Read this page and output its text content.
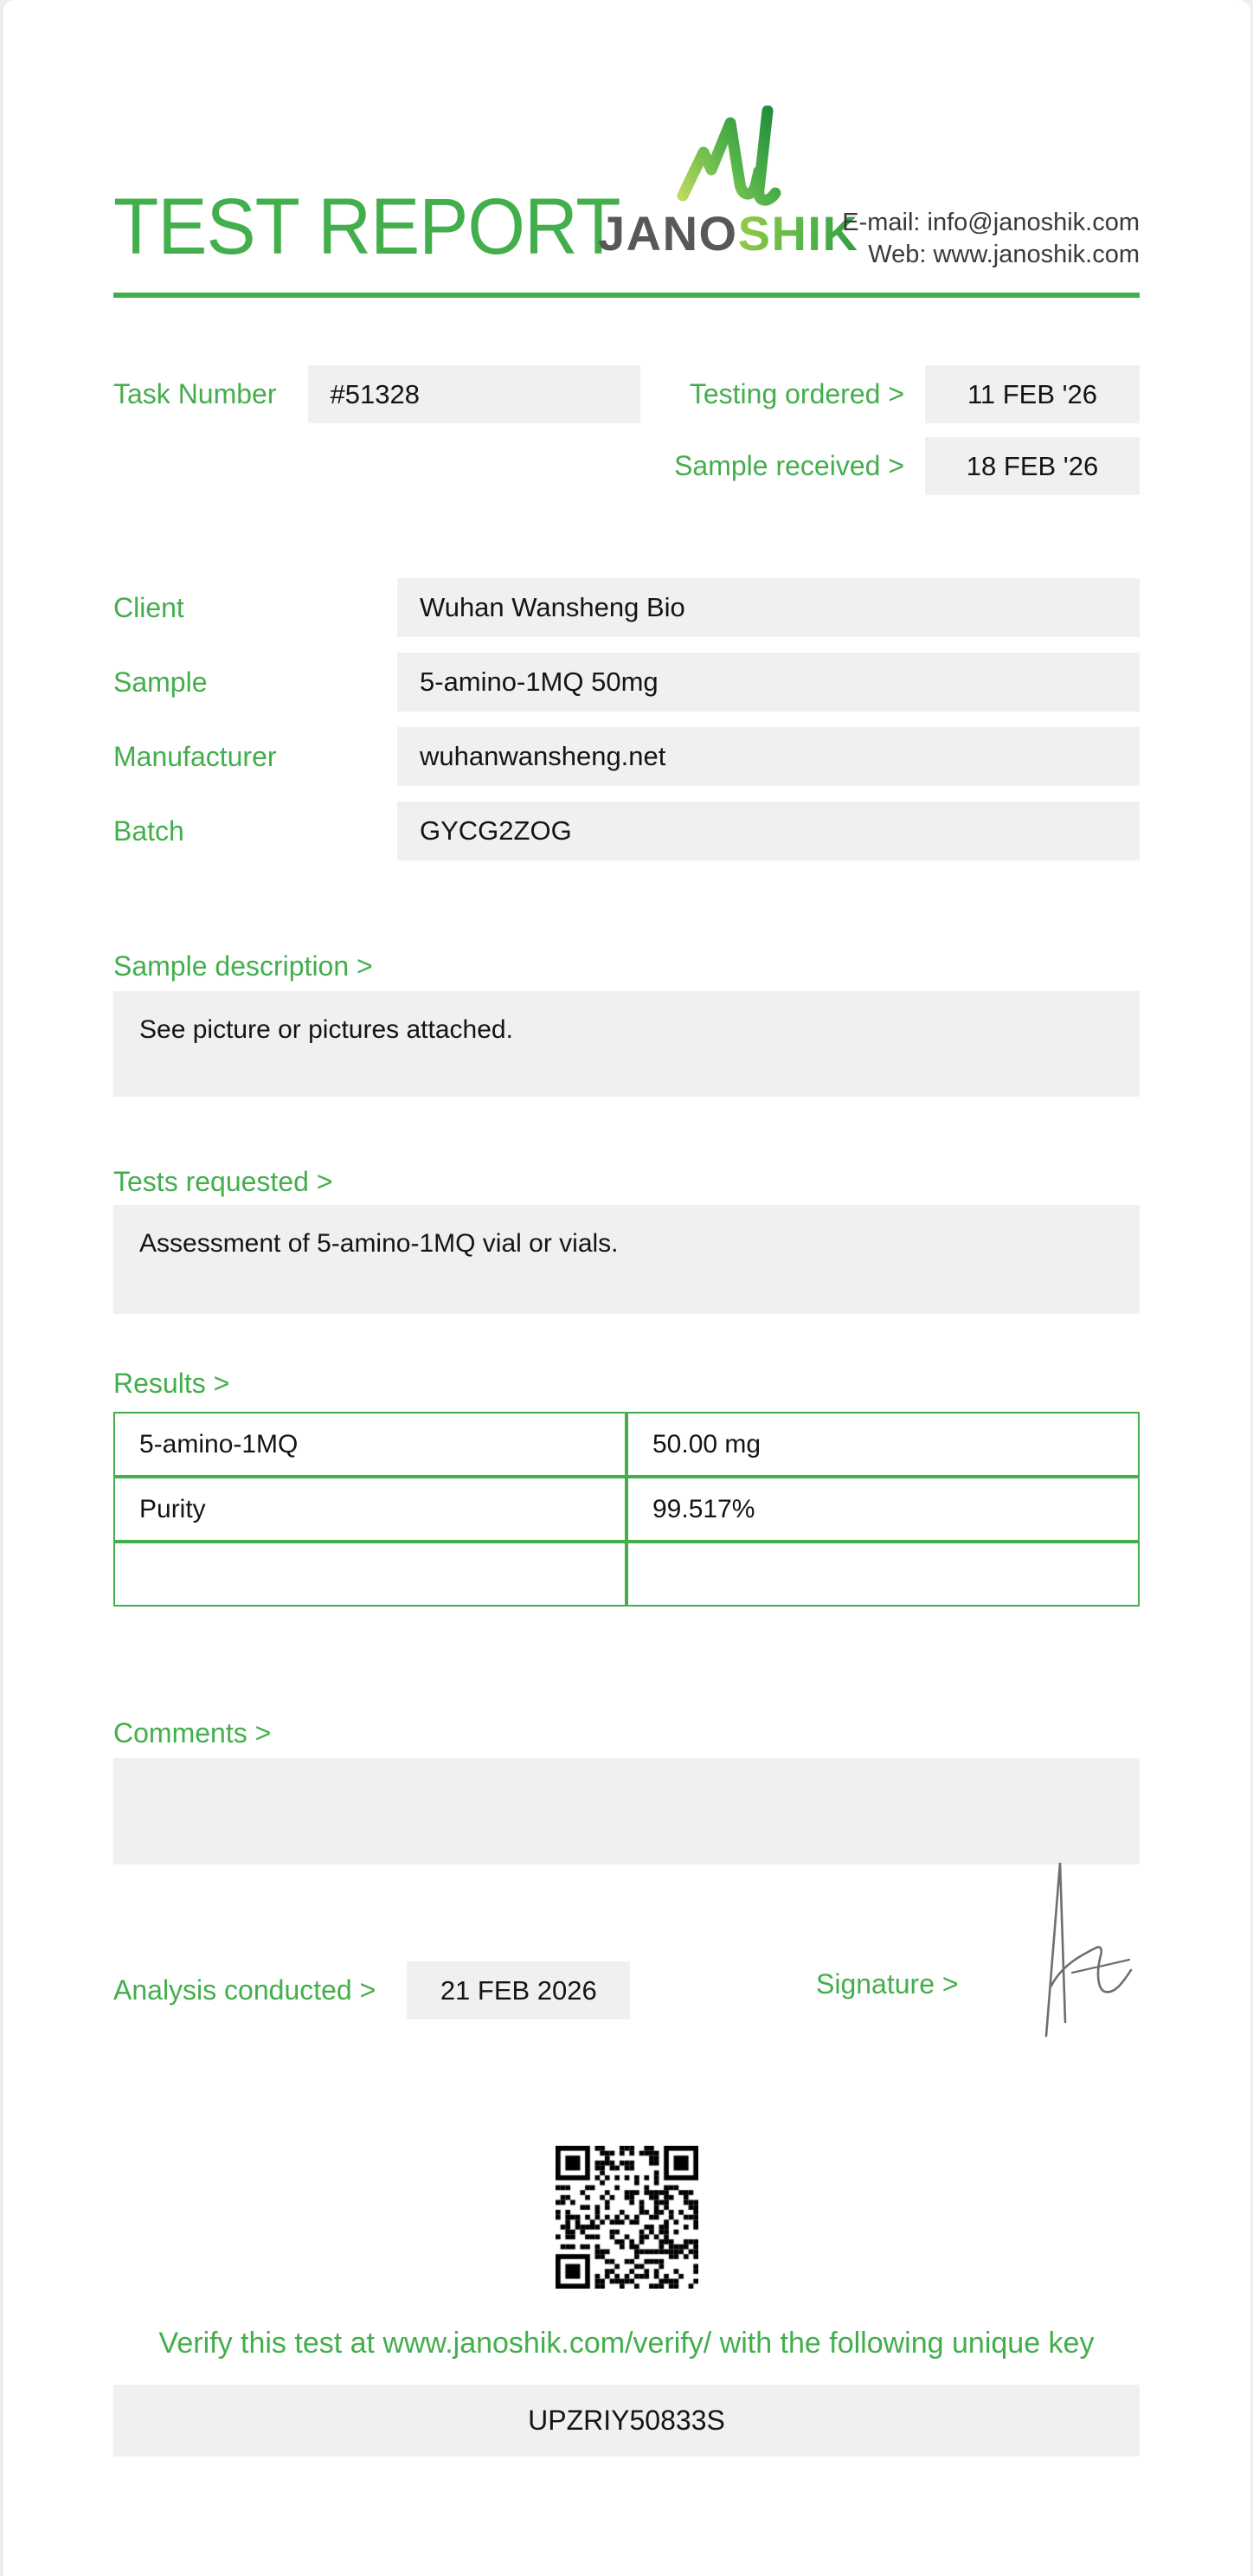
TEST REPORT
JANOSHIK
E-mail: info@janoshik.com
Web: www.janoshik.com
Task Number	#51328	Testing ordered >	11 FEB '26
Sample received >	18 FEB '26
Client	Wuhan Wansheng Bio
Sample	5-amino-1MQ 50mg
Manufacturer	wuhanwansheng.net
Batch	GYCG2ZOG
Sample description >
See picture or pictures attached.
Tests requested >
Assessment of 5-amino-1MQ vial or vials.
Results >
5-amino-1MQ	50.00 mg
Purity	99.517%

Comments >
Analysis conducted >	21 FEB 2026	Signature >
Verify this test at www.janoshik.com/verify/ with the following unique key
UPZRIY50833S
